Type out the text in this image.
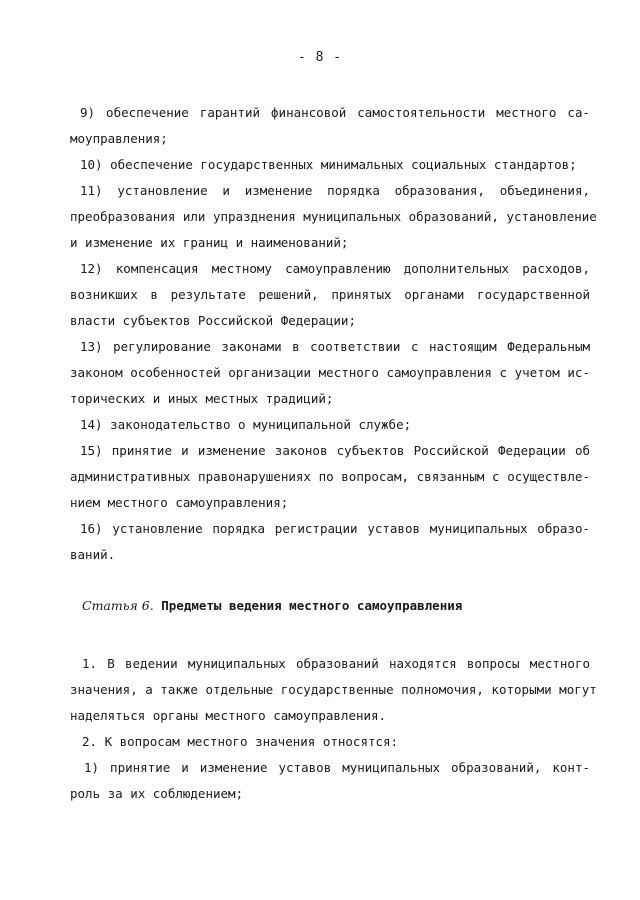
- 8 -

9) обеспечение гарантий финансовой самостоятельности местного са-
моуправления;

10) обеспечение государственных минимальных социальных стандартов;

11) установление и изменение порядка образования, объединения,
преобразования или упразднения муниципальных образований, установление
и изменение их границ и наименований;

12) компенсация местному самоуправлению дополнительных расходов,
возникших в результате решений, принятых органами государственной
власти субъектов Российской Федерации;

13) регулирование законами в соответствии с настоящим Федеральным
законом особенностей организации местного самоуправления с учетом ис-
торических и иных местных традиций;

14) законодательство о муниципальной службе;

15) принятие и изменение законов субъектов Российской Федерации об
административных правонарушениях по вопросам, связанным с осуществле-
нием местного самоуправления;

16) установление порядка регистрации уставов муниципальных образо-
ваний.

Статья 6. Предметы ведения местного самоуправления

1. В ведении муниципальных образований находятся вопросы местного
значения, а также отдельные государственные полномочия, которыми могут
наделяться органы местного самоуправления.

2. К вопросам местного значения относятся:

1) принятие и изменение уставов муниципальных образований, конт-
роль за их соблюдением;
